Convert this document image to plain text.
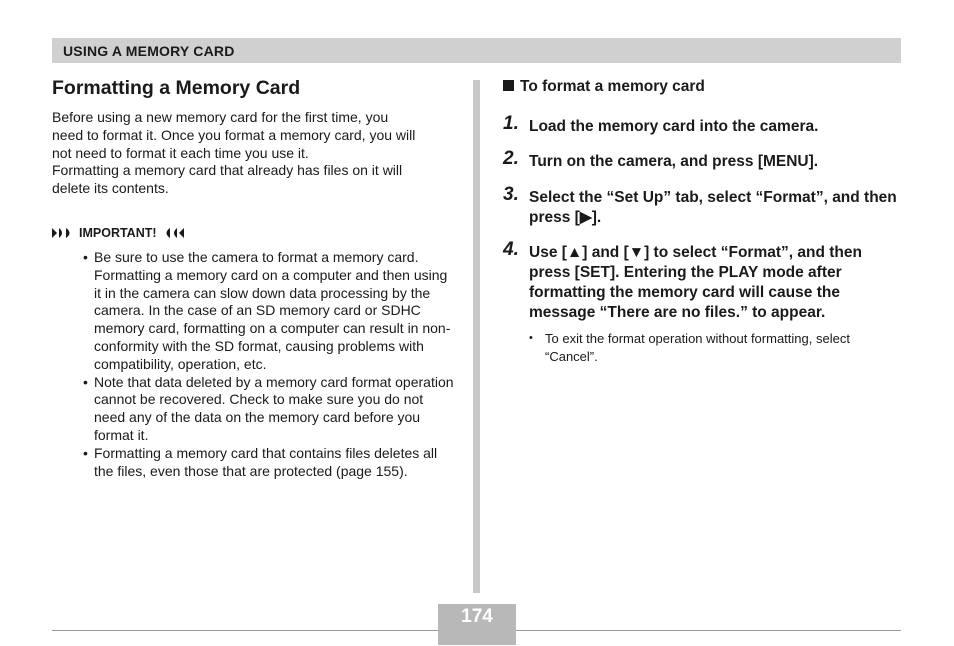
USING A MEMORY CARD
Formatting a Memory Card

Before using a new memory card for the first time, you

need to format it. Once you format a memory card, you will

not need to format it each time you use it.

Formatting a memory card that already has files on it will

delete its contents.

IMPORTANT!
• Be sure to use the camera to format a memory card. Formatting a memory card on a computer and then using it in the camera can slow down data processing by the camera. In the case of an SD memory card or SDHC memory card, formatting on a computer can result in non-conformity with the SD format, causing problems with compatibility, operation, etc.
• Note that data deleted by a memory card format operation cannot be recovered. Check to make sure you do not need any of the data on the memory card before you format it.
• Formatting a memory card that contains files deletes all the files, even those that are protected (page 155).

To format a memory card

1. Load the memory card into the camera.
2. Turn on the camera, and press [MENU].
3. Select the “Set Up” tab, select “Format”, and then press [▶].
4. Use [▲] and [▼] to select “Format”, and then press [SET]. Entering the PLAY mode after formatting the memory card will cause the message “There are no files.” to appear.
• To exit the format operation without formatting, select “Cancel”.
174
